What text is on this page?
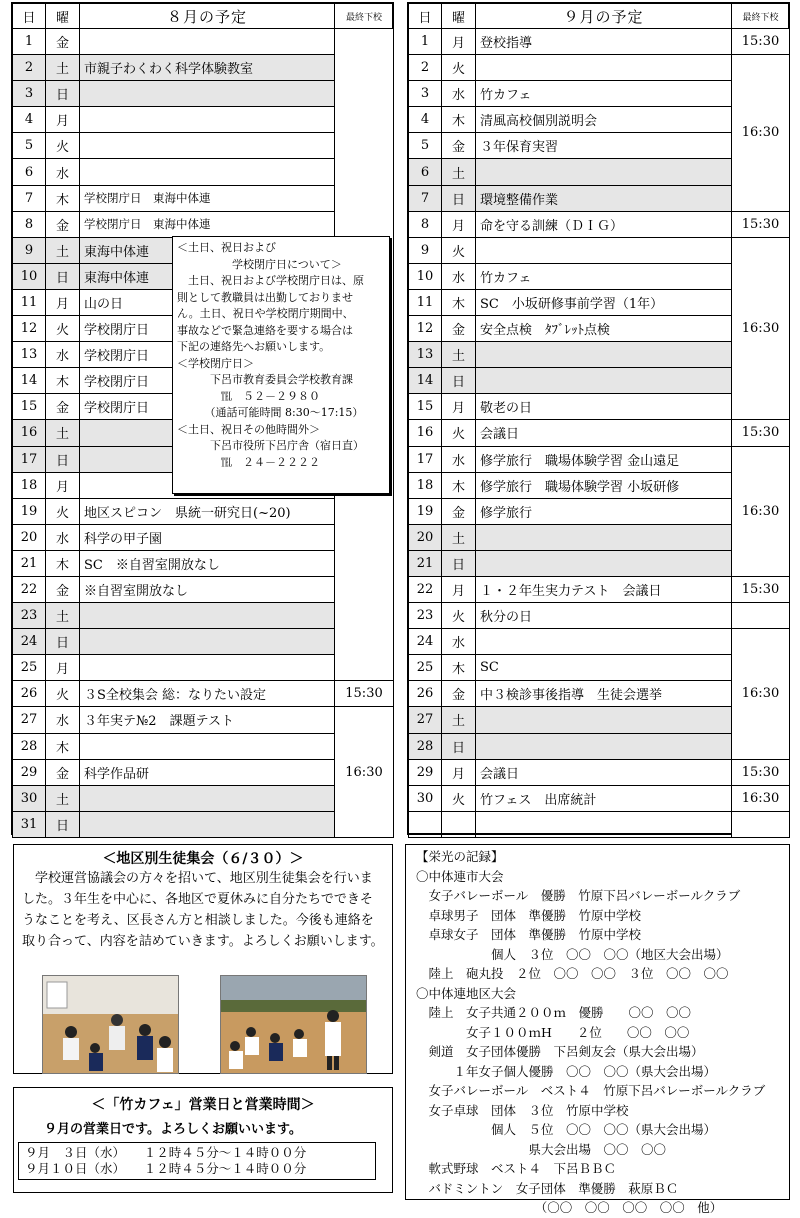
日	曜	８月の予定	最終下校
1	金		
2	土	市親子わくわく科学体験教室	
3	日		
4	月		
5	火		
6	水		
7	木	学校閉庁日　東海中体連	
8	金	学校閉庁日　東海中体連	
9	土	東海中体連	
10	日	東海中体連	
11	月	山の日	
12	火	学校閉庁日	
13	水	学校閉庁日	
14	木	学校閉庁日	
15	金	学校閉庁日	
16	土		
17	日		
18	月		
19	火	地区スピコン　県統一研究日(~20)	
20	水	科学の甲子園	
21	木	SC　※自習室開放なし	
22	金	※自習室開放なし	
23	土		
24	日		
25	月		
26	火	３S全校集会 総：なりたい設定	15:30
27	水	３年実テ№2　課題テスト	16:30
28	木		
29	金	科学作品研	
30	土		
31	日		
＜土日、祝日および
　　　　　学校閉庁日について＞
　土日、祝日および学校閉庁日は、原
則として教職員は出勤しておりませ
ん。土日、祝日や学校閉庁期間中、
事故などで緊急連絡を要する場合は
下記の連絡先へお願いします。
＜学校閉庁日＞
　　　下呂市教育委員会学校教育課
　　　　℡　５２－２９８０
　　　（通話可能時間 8:30～17:15）
＜土日、祝日その他時間外＞
　　　下呂市役所下呂庁舎（宿日直）
　　　　℡　２４－２２２２
日	曜	９月の予定	最終下校
1	月	登校指導	15:30
2	火		16:30
3	水	竹カフェ	
4	木	清風高校個別説明会	
5	金	３年保育実習	
6	土		
7	日	環境整備作業	
8	月	命を守る訓練（ＤＩＧ）	15:30
9	火		16:30
10	水	竹カフェ	
11	木	SC　小坂研修事前学習（1年）	
12	金	安全点検　ﾀﾌﾞﾚｯﾄ点検	
13	土		
14	日		
15	月	敬老の日	
16	火	会議日	15:30
17	水	修学旅行　職場体験学習 金山遠足	16:30
18	木	修学旅行　職場体験学習 小坂研修	
19	金	修学旅行	
20	土		
21	日		
22	月	１・２年生実力テスト　会議日	15:30
23	火	秋分の日	
24	水		16:30
25	木	SC	
26	金	中３検診事後指導　生徒会選挙	
27	土		
28	日		
29	月	会議日	15:30
30	火	竹フェス　出席統計	16:30

＜地区別生徒集会（６/３０）＞
学校運営協議会の方々を招いて、地区別生徒集会を行いました。３年生を中心に、各地区で夏休みに自分たちでできそうなことを考え、区長さん方と相談しました。今後も連絡を取り合って、内容を詰めていきます。よろしくお願いします。
＜「竹カフェ」営業日と営業時間＞
９月の営業日です。よろしくお願いいます。
９月　３日（水）　　１２時４５分～１４時００分
９月１０日（水）　　１２時４５分～１４時００分
【栄光の記録】
〇中体連市大会
　女子バレーボール　優勝　竹原下呂バレーボールクラブ
　卓球男子　団体　準優勝　竹原中学校
　卓球女子　団体　準優勝　竹原中学校
　　　　　　個人　３位　〇〇　〇〇（地区大会出場）
　陸上　砲丸投　２位　〇〇　〇〇　３位　〇〇　〇〇
〇中体連地区大会
　陸上　女子共通２００ｍ　優勝　　〇〇　〇〇
　　　　女子１００ｍH　　２位　　〇〇　〇〇
　剣道　女子団体優勝　下呂剣友会（県大会出場）
　　　１年女子個人優勝　〇〇　〇〇（県大会出場）
　女子バレーボール　ベスト４　竹原下呂バレーボールクラブ
　女子卓球　団体　３位　竹原中学校
　　　　　　個人　５位　〇〇　〇〇（県大会出場）
　　　　　　　　　県大会出場　〇〇　〇〇
　軟式野球　ベスト４　下呂ＢＢＣ
　バドミントン　女子団体　準優勝　萩原ＢＣ
　　　　　　　　　　（〇〇　〇〇　〇〇　〇〇　他）
